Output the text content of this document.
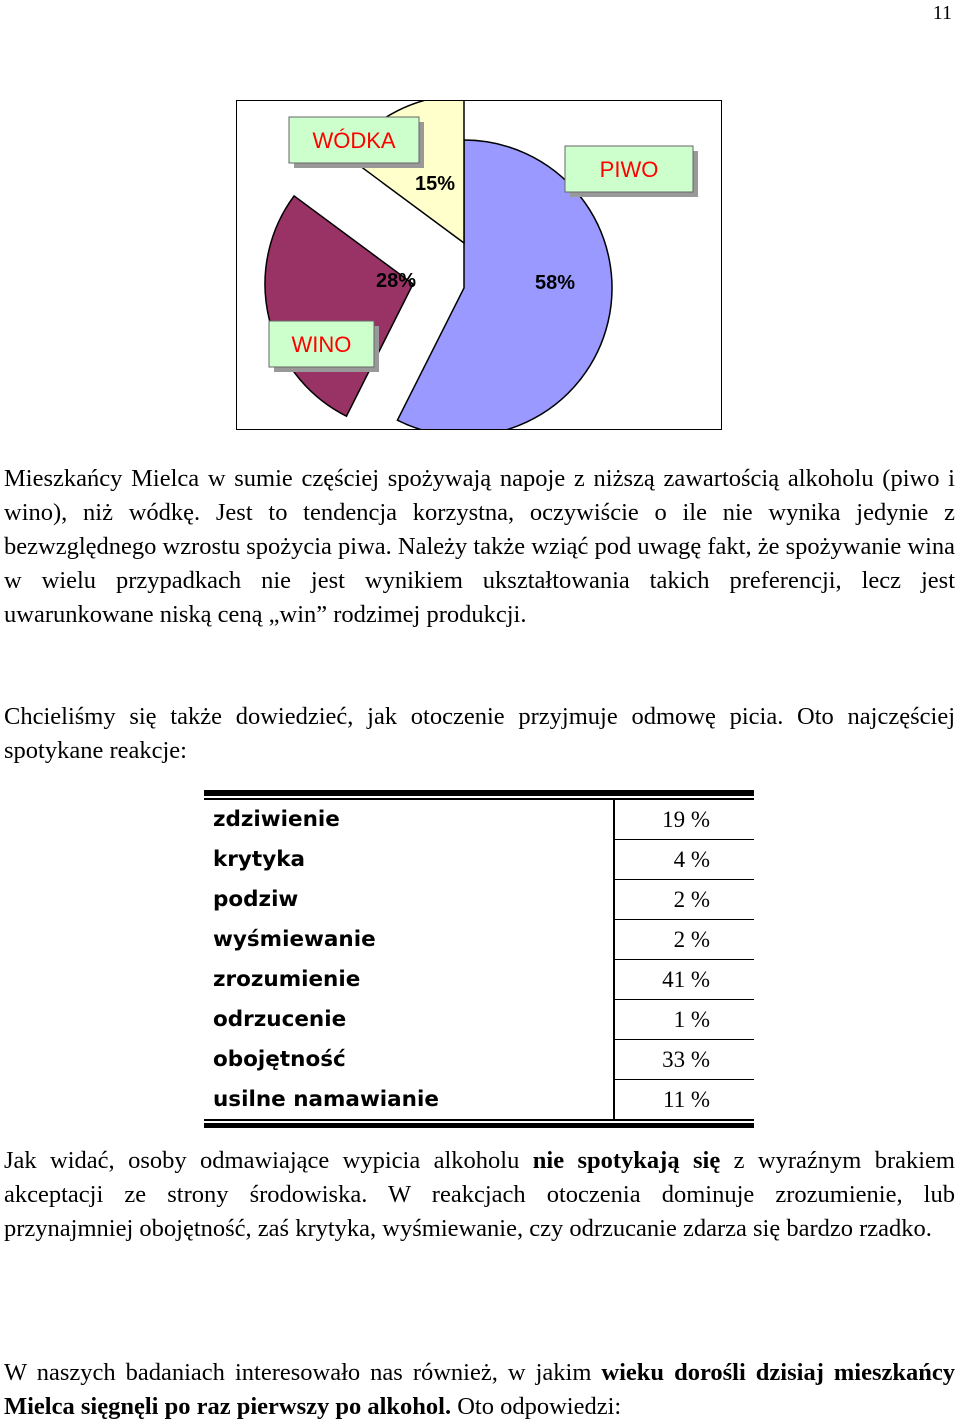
11
58%
PIWO
28%
WINO
15%
WÓDKA

Mieszkańcy Mielca w sumie częściej spożywają napoje z niższą zawartością alkoholu (piwo i wino), niż wódkę. Jest to tendencja korzystna, oczywiście o ile nie wynika jedynie z bezwzględnego wzrostu spożycia piwa. Należy także wziąć pod uwagę fakt, że spożywanie wina w wielu przypadkach nie jest wynikiem ukształtowania takich preferencji, lecz jest uwarunkowane niską ceną „win” rodzimej produkcji.

Chcieliśmy się także dowiedzieć, jak otoczenie przyjmuje odmowę picia. Oto najczęściej spotykane reakcje:

zdziwienie	19 %
krytyka	4 %
podziw	2 %
wyśmiewanie	2 %
zrozumienie	41 %
odrzucenie	1 %
obojętność	33 %
usilne namawianie	11 %

Jak widać, osoby odmawiające wypicia alkoholu nie spotykają się z wyraźnym brakiem akceptacji ze strony środowiska. W reakcjach otoczenia dominuje zrozumienie, lub przynajmniej obojętność, zaś krytyka, wyśmiewanie, czy odrzucanie zdarza się bardzo rzadko.

W naszych badaniach interesowało nas również, w jakim wieku dorośli dzisiaj mieszkańcy Mielca sięgnęli po raz pierwszy po alkohol. Oto odpowiedzi:
